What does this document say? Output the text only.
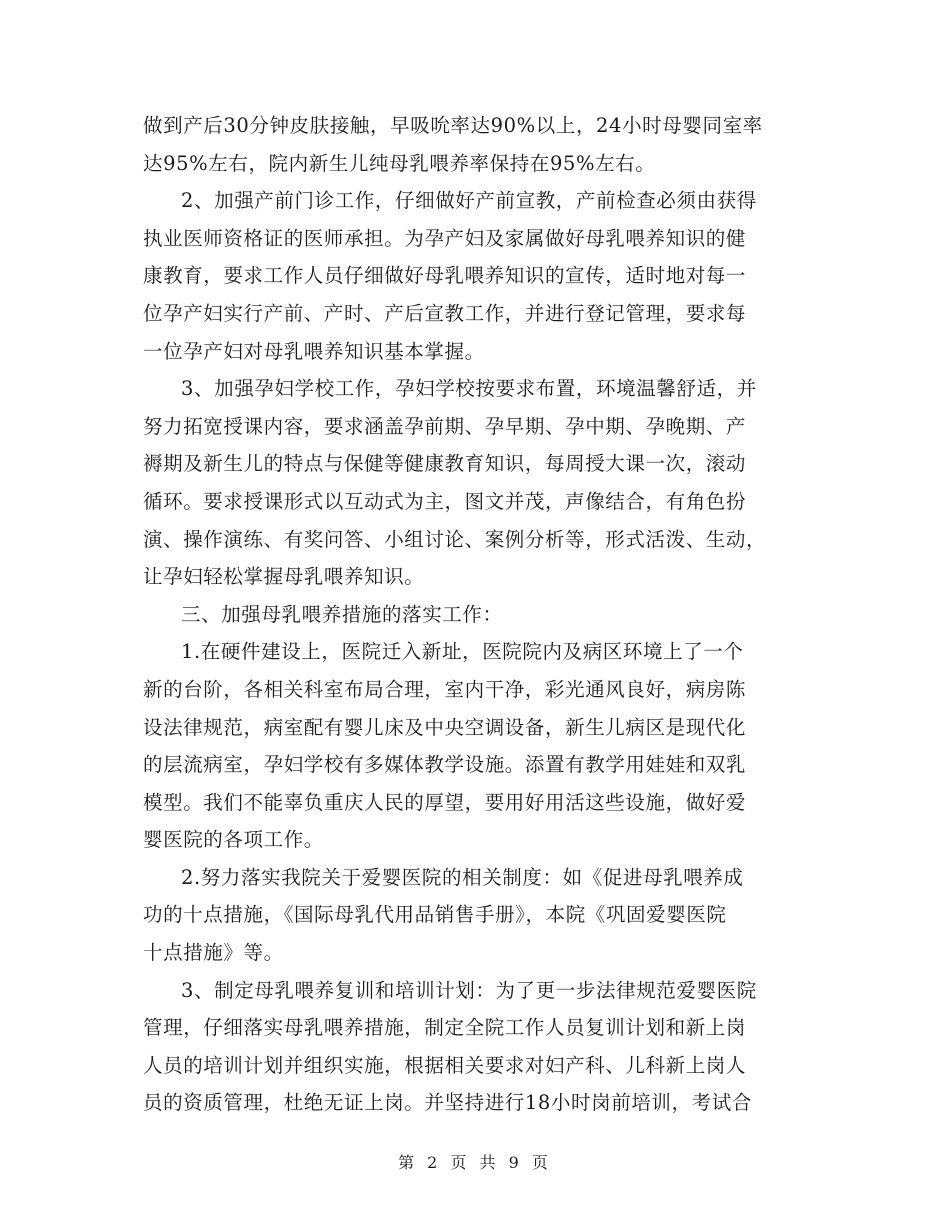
做到产后30分钟皮肤接触，早吸吮率达90%以上，24小时母婴同室率
达95%左右，院内新生儿纯母乳喂养率保持在95%左右。
2、加强产前门诊工作，仔细做好产前宣教，产前检查必须由获得
执业医师资格证的医师承担。为孕产妇及家属做好母乳喂养知识的健
康教育，要求工作人员仔细做好母乳喂养知识的宣传，适时地对每一
位孕产妇实行产前、产时、产后宣教工作，并进行登记管理，要求每
一位孕产妇对母乳喂养知识基本掌握。
3、加强孕妇学校工作，孕妇学校按要求布置，环境温馨舒适，并
努力拓宽授课内容，要求涵盖孕前期、孕早期、孕中期、孕晚期、产
褥期及新生儿的特点与保健等健康教育知识，每周授大课一次，滚动
循环。要求授课形式以互动式为主，图文并茂，声像结合，有角色扮
演、操作演练、有奖问答、小组讨论、案例分析等，形式活泼、生动，
让孕妇轻松掌握母乳喂养知识。
三、加强母乳喂养措施的落实工作：
1.在硬件建设上，医院迁入新址，医院院内及病区环境上了一个
新的台阶，各相关科室布局合理，室内干净，彩光通风良好，病房陈
设法律规范，病室配有婴儿床及中央空调设备，新生儿病区是现代化
的层流病室，孕妇学校有多媒体教学设施。添置有教学用娃娃和双乳
模型。我们不能辜负重庆人民的厚望，要用好用活这些设施，做好爱
婴医院的各项工作。
2.努力落实我院关于爱婴医院的相关制度：如《促进母乳喂养成
功的十点措施，《国际母乳代用品销售手册》，本院《巩固爱婴医院
十点措施》等。
3、制定母乳喂养复训和培训计划：为了更一步法律规范爱婴医院
管理，仔细落实母乳喂养措施，制定全院工作人员复训计划和新上岗
人员的培训计划并组织实施，根据相关要求对妇产科、儿科新上岗人
员的资质管理，杜绝无证上岗。并坚持进行18小时岗前培训，考试合
第 2 页 共 9 页
